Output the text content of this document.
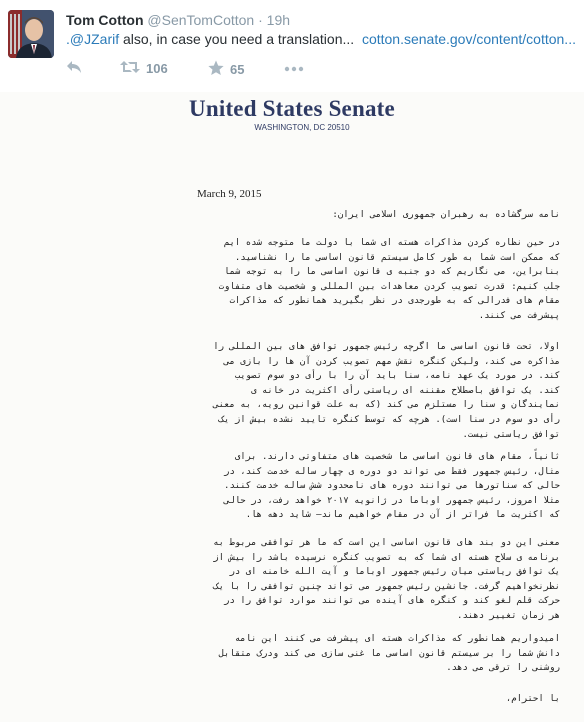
Tom Cotton @SenTomCotton · 19h
.@JZarif also, in case you need a translation... cotton.senate.gov/content/cotton...
106	65
United States Senate
WASHINGTON, DC 20510
March 9, 2015
نامه سرگشاده به رهبران جمهوری اسلامی ایران:
در حین نظاره کردن مذاکرات هسته ای شما با دولت ما متوجه شده ایم
که ممکن است شما به طور کامل سیستم قانون اساسی ما را نشناسید.
بنابراین، می نگاریم که دو جنبه ی قانون اساسی ما را به توجه شما
جلب کنیم: قدرت تصویب کردن معاهدات بین المللی و شخصیت های متفاوت
مقام های فدرالی که به طورجدی در نظر بگیرید همانطور که مذاکرات
پیشرفت می کنند.
اولا، تحت قانون اساسی ما اگرچه رئیس جمهور توافق های بین المللی را
مذاکره می کند، ولیکن کنگره نقش مهم تصویب کردن آن ها را بازی می
کند. در مورد یک عهد نامه، سنا باید آن را با رأی دو سوم تصویب
کند. یک توافق باصطلاح مقننه ای ریاستی رأی اکثریت در خانه ی
نمایندگان و سنا را مستلزم می کند (که به علت قوانین رویه، به معنی
رأی دو سوم در سنا است). هرچه که توسط کنگره تایید نشده بیش از یک
توافق ریاستی نیست.
ثانیاً، مقام های قانون اساسی ما شخصیت های متفاوتی دارند. برای
مثال، رئیس جمهور فقط می تواند دو دوره ی چهار ساله خدمت کند، در
حالی که سناتورها می توانند دوره های نامحدود شش ساله خدمت کنند.
مثلا امروز، رئیس جمهور اوباما در ژانویه ۲۰۱۷ خواهد رفت، در حالی
که اکثریت ما فراتر از آن در مقام خواهیم ماند— شاید دهه ها.
معنی این دو بند های قانون اساسی این است که ما هر توافقی مربوط به
برنامه ی سلاح هسته ای شما که به تصویب کنگره نرسیده باشد را بیش از
یک توافق ریاستی میان رئیس جمهور اوباما و آیت الله خامنه ای در
نظرنخواهیم گرفت. جانشین رئیس جمهور می تواند چنین توافقی را با یک
حرکت قلم لغو کند و کنگره های آینده می توانند موارد توافق را در
هر زمان تغییر دهند.
امیدواریم همانطور که مذاکرات هسته ای پیشرفت می کنند این نامه
دانش شما را بر سیستم قانون اساسی ما غنی سازی می کند ودرک متقابل
روشنی را ترقی می دهد.
با احترام،
